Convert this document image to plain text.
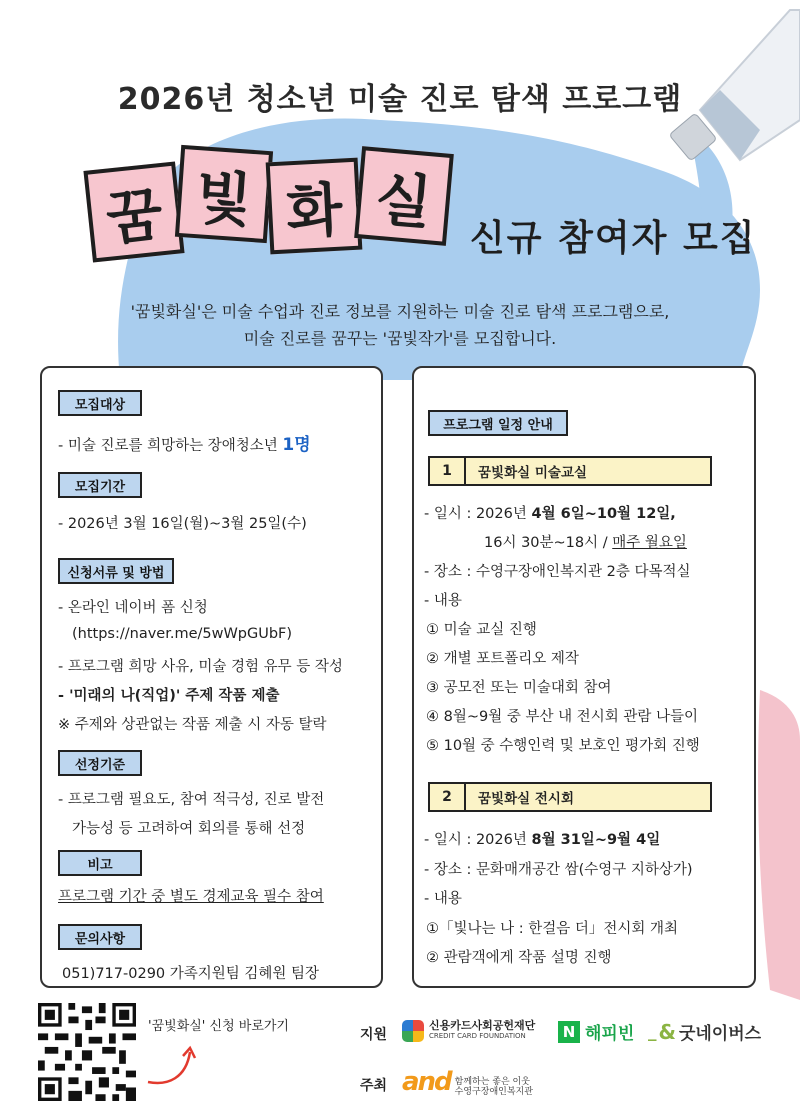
2026년 청소년 미술 진로 탐색 프로그램
꿈 빛 화 실
신규 참여자 모집
'꿈빛화실'은 미술 수업과 진로 정보를 지원하는 미술 진로 탐색 프로그램으로,
미술 진로를 꿈꾸는 '꿈빛작가'를 모집합니다.
모집대상
- 미술 진로를 희망하는 장애청소년 1명
모집기간
- 2026년 3월 16일(월)~3월 25일(수)
신청서류 및 방법
- 온라인 네이버 폼 신청
(https://naver.me/5wWpGUbF)
- 프로그램 희망 사유, 미술 경험 유무 등 작성
- '미래의 나(직업)' 주제 작품 제출
※ 주제와 상관없는 작품 제출 시 자동 탈락
선정기준
- 프로그램 필요도, 참여 적극성, 진로 발전
가능성 등 고려하여 회의를 통해 선정
비고
프로그램 기간 중 별도 경제교육 필수 참여
문의사항
051)717-0290 가족지원팀 김혜원 팀장
프로그램 일정 안내
1	꿈빛화실 미술교실
- 일시 : 2026년 4월 6일~10월 12일,
16시 30분~18시 / 매주 월요일
- 장소 : 수영구장애인복지관 2층 다목적실
- 내용
① 미술 교실 진행
② 개별 포트폴리오 제작
③ 공모전 또는 미술대회 참여
④ 8월~9월 중 부산 내 전시회 관람 나들이
⑤ 10월 중 수행인력 및 보호인 평가회 진행
2	꿈빛화실 전시회
- 일시 : 2026년 8월 31일~9월 4일
- 장소 : 문화매개공간 쌈(수영구 지하상가)
- 내용
①「빛나는 나 : 한걸음 더」전시회 개최
② 관람객에게 작품 설명 진행
'꿈빛화실' 신청 바로가기
지원
신용카드사회공헌재단
CREDIT CARD FOUNDATION	N 해피빈 _ & 굿네이버스
주최 and 함께하는 좋은 이웃
수영구장애인복지관
